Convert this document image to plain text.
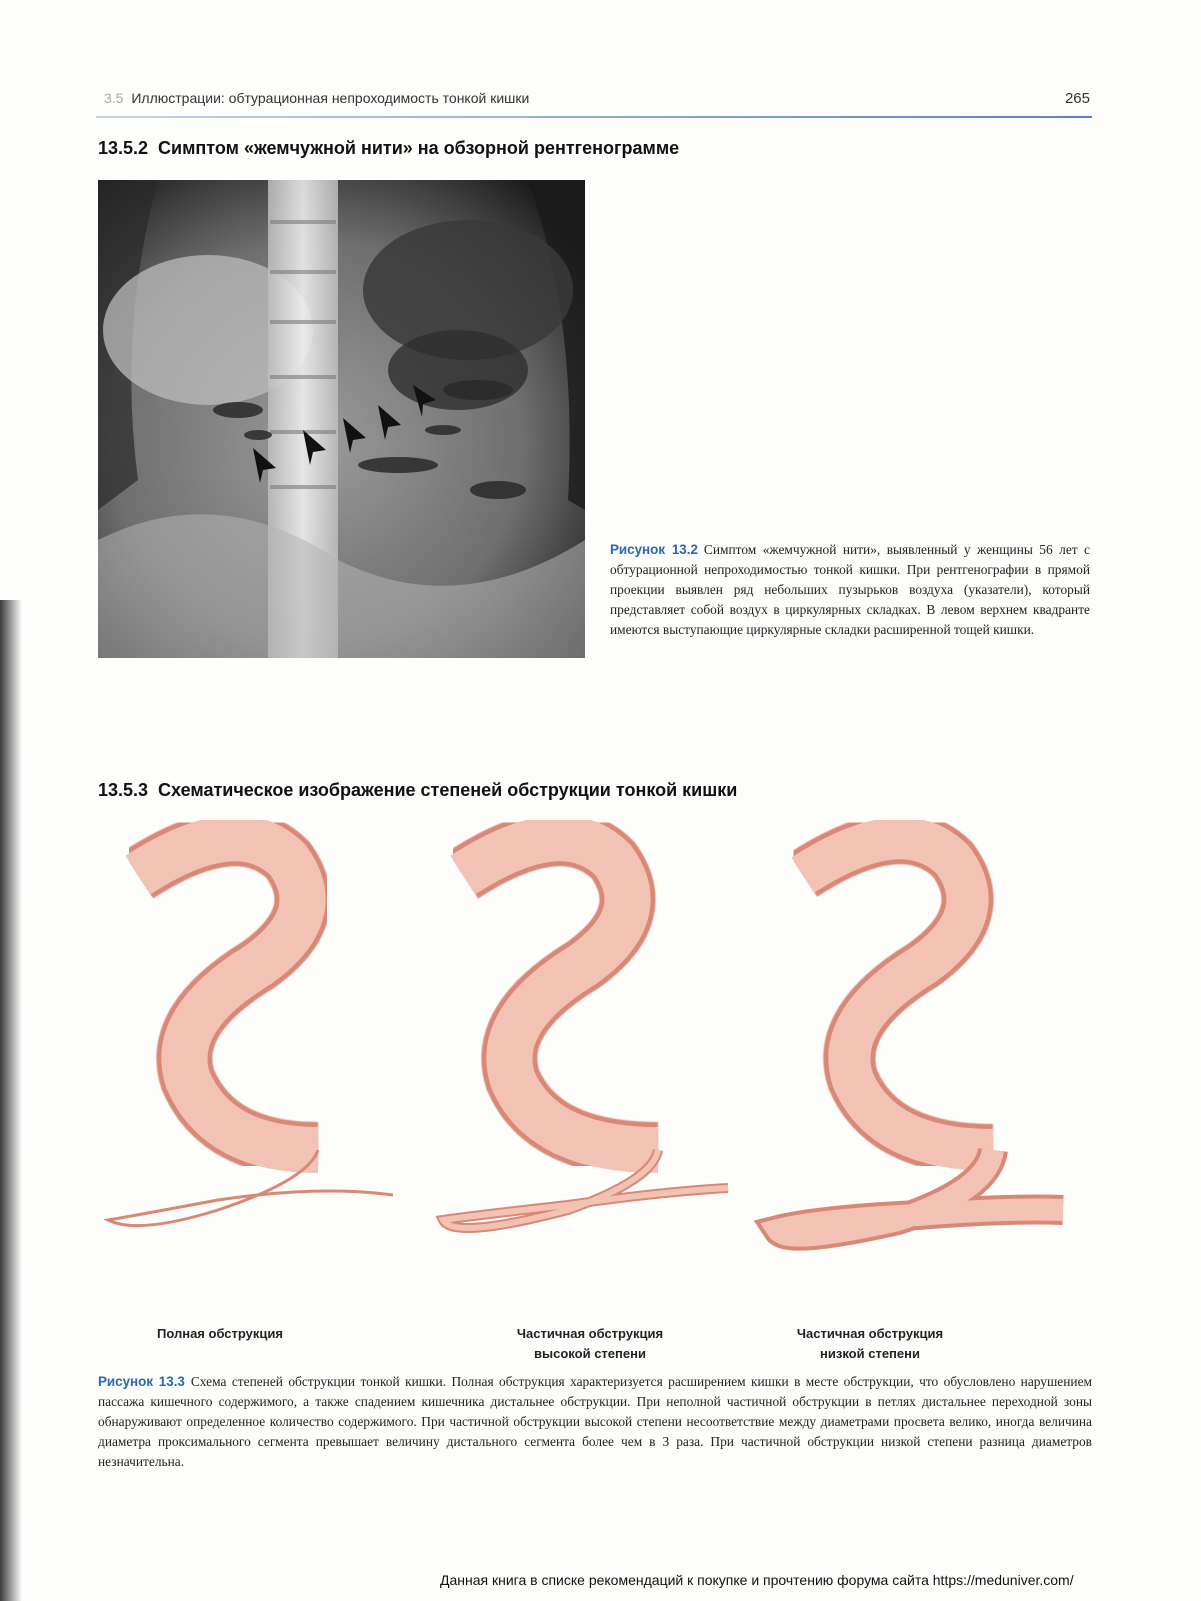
3.5 Иллюстрации: обтурационная непроходимость тонкой кишки	265
13.5.2 Симптом «жемчужной нити» на обзорной рентгенограмме
Рисунок 13.2 Симптом «жемчужной нити», выявленный у женщины 56 лет с обтурационной непроходимостью тонкой кишки. При рентгенографии в прямой проекции выявлен ряд небольших пузырьков воздуха (указатели), который представляет собой воздух в циркулярных складках. В левом верхнем квадранте имеются выступающие циркулярные складки расширенной тощей кишки.
13.5.3 Схематическое изображение степеней обструкции тонкой кишки
Полная обструкция	Частичная обструкция
высокой степени
Частичная обструкция
низкой степени
Рисунок 13.3 Схема степеней обструкции тонкой кишки. Полная обструкция характеризуется расширением кишки в месте обструкции, что обусловлено нарушением пассажа кишечного содержимого, а также спадением кишечника дистальнее обструкции. При неполной частичной обструкции в петлях дистальнее переходной зоны обнаруживают определенное количество содержимого. При частичной обструкции высокой степени несоответствие между диаметрами просвета велико, иногда величина диаметра проксимального сегмента превышает величину дистального сегмента более чем в 3 раза. При частичной обструкции низкой степени разница диаметров незначительна.
Данная книга в списке рекомендаций к покупке и прочтению форума сайта https://meduniver.com/
